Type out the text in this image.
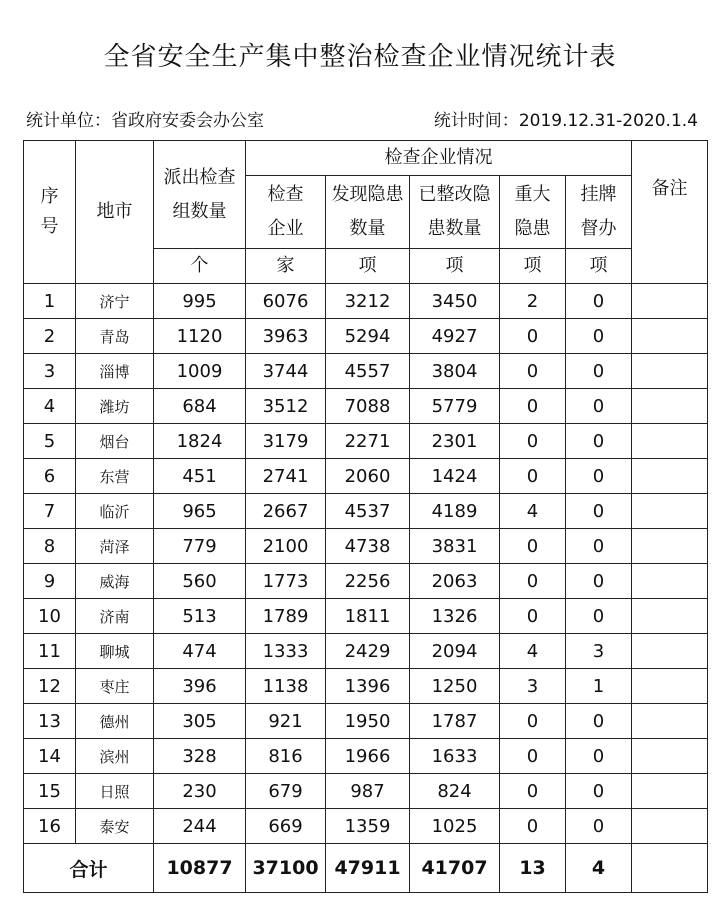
全省安全生产集中整治检查企业情况统计表
统计单位：省政府安委会办公室	统计时间：2019.12.31-2020.1.4
序号	地市	派出检查组数量	检查企业情况					备注

			检查企业	发现隐患数量	已整改隐患数量	重大隐患	挂牌督办	

		个	家	项	项	项	项	
1	济宁	995	6076	3212	3450	2	0	
2	青岛	1120	3963	5294	4927	0	0	
3	淄博	1009	3744	4557	3804	0	0	
4	潍坊	684	3512	7088	5779	0	0	
5	烟台	1824	3179	2271	2301	0	0	
6	东营	451	2741	2060	1424	0	0	
7	临沂	965	2667	4537	4189	4	0	
8	菏泽	779	2100	4738	3831	0	0	
9	威海	560	1773	2256	2063	0	0	
10	济南	513	1789	1811	1326	0	0	
11	聊城	474	1333	2429	2094	4	3	
12	枣庄	396	1138	1396	1250	3	1	
13	德州	305	921	1950	1787	0	0	
14	滨州	328	816	1966	1633	0	0	
15	日照	230	679	987	824	0	0	
16	泰安	244	669	1359	1025	0	0	
合计		10877	37100	47911	41707	13	4	
